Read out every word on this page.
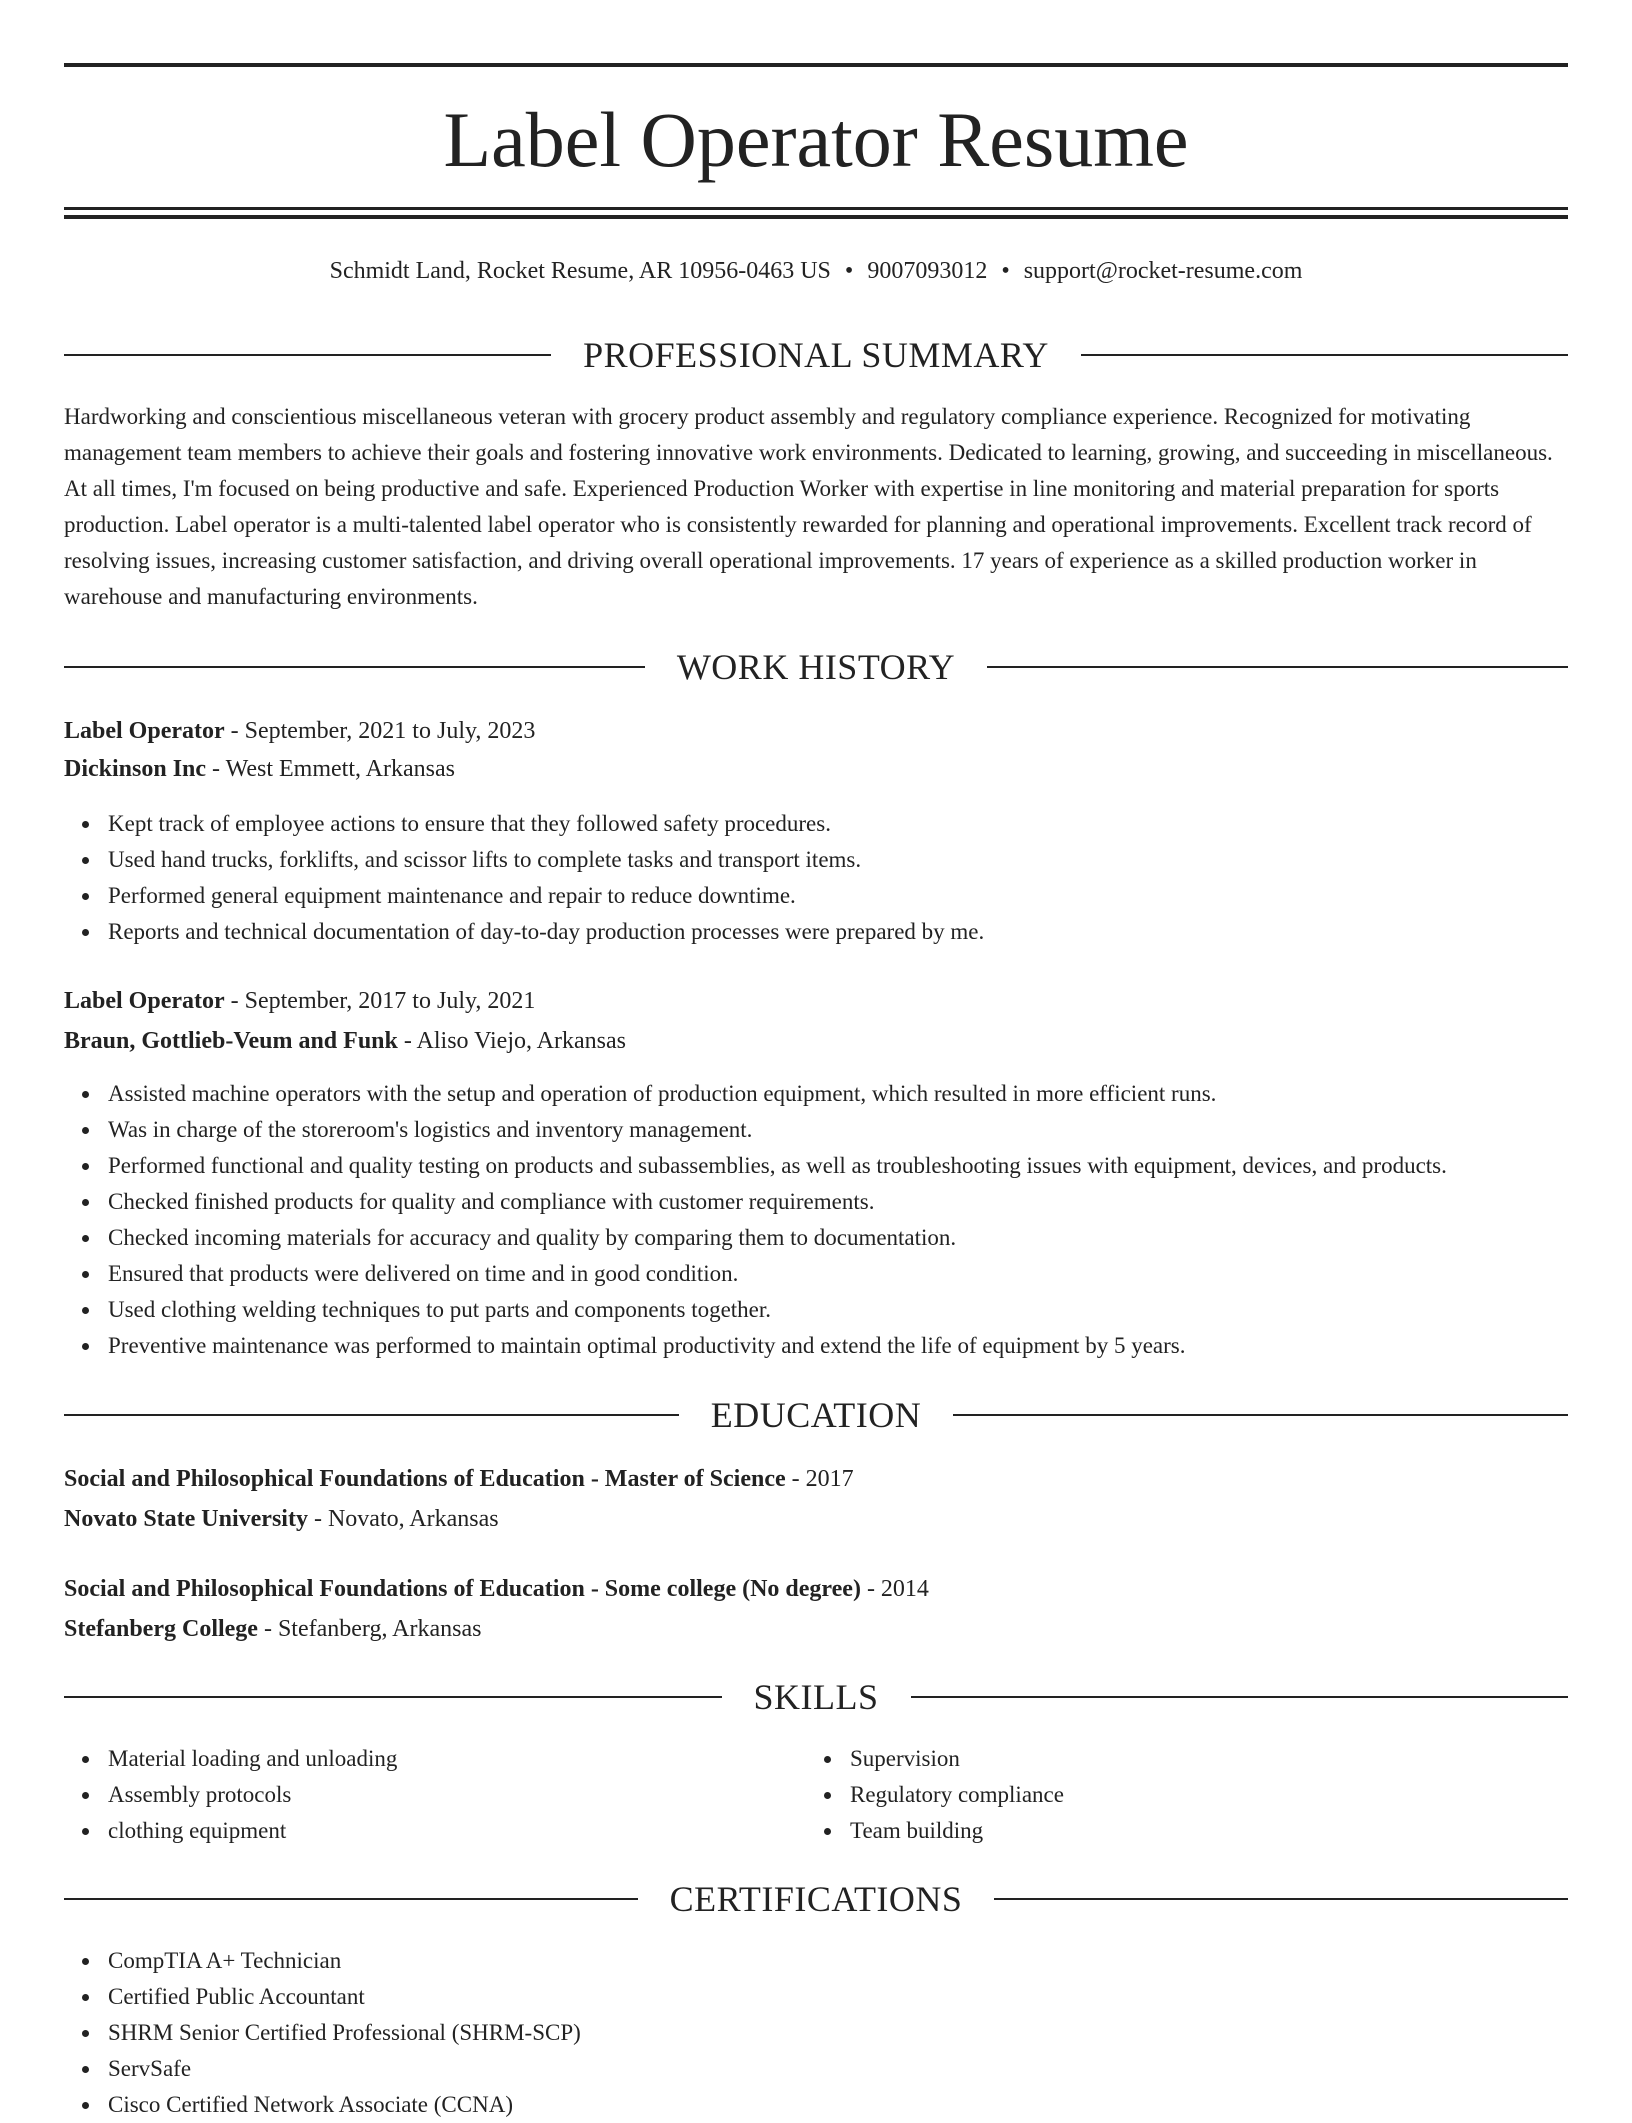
Label Operator Resume
Schmidt Land, Rocket Resume, AR 10956-0463 US • 9007093012 • support@rocket-resume.com
PROFESSIONAL SUMMARY
Hardworking and conscientious miscellaneous veteran with grocery product assembly and regulatory compliance experience. Recognized for motivating management team members to achieve their goals and fostering innovative work environments. Dedicated to learning, growing, and succeeding in miscellaneous. At all times, I'm focused on being productive and safe. Experienced Production Worker with expertise in line monitoring and material preparation for sports production. Label operator is a multi-talented label operator who is consistently rewarded for planning and operational improvements. Excellent track record of resolving issues, increasing customer satisfaction, and driving overall operational improvements. 17 years of experience as a skilled production worker in warehouse and manufacturing environments.
WORK HISTORY
Label Operator - September, 2021 to July, 2023
Dickinson Inc - West Emmett, Arkansas
Kept track of employee actions to ensure that they followed safety procedures.
Used hand trucks, forklifts, and scissor lifts to complete tasks and transport items.
Performed general equipment maintenance and repair to reduce downtime.
Reports and technical documentation of day-to-day production processes were prepared by me.
Label Operator - September, 2017 to July, 2021
Braun, Gottlieb-Veum and Funk - Aliso Viejo, Arkansas
Assisted machine operators with the setup and operation of production equipment, which resulted in more efficient runs.
Was in charge of the storeroom's logistics and inventory management.
Performed functional and quality testing on products and subassemblies, as well as troubleshooting issues with equipment, devices, and products.
Checked finished products for quality and compliance with customer requirements.
Checked incoming materials for accuracy and quality by comparing them to documentation.
Ensured that products were delivered on time and in good condition.
Used clothing welding techniques to put parts and components together.
Preventive maintenance was performed to maintain optimal productivity and extend the life of equipment by 5 years.
EDUCATION
Social and Philosophical Foundations of Education - Master of Science - 2017
Novato State University - Novato, Arkansas
Social and Philosophical Foundations of Education - Some college (No degree) - 2014
Stefanberg College - Stefanberg, Arkansas
SKILLS
Material loading and unloading
Assembly protocols
clothing equipment
Supervision
Regulatory compliance
Team building
CERTIFICATIONS
CompTIA A+ Technician
Certified Public Accountant
SHRM Senior Certified Professional (SHRM-SCP)
ServSafe
Cisco Certified Network Associate (CCNA)
